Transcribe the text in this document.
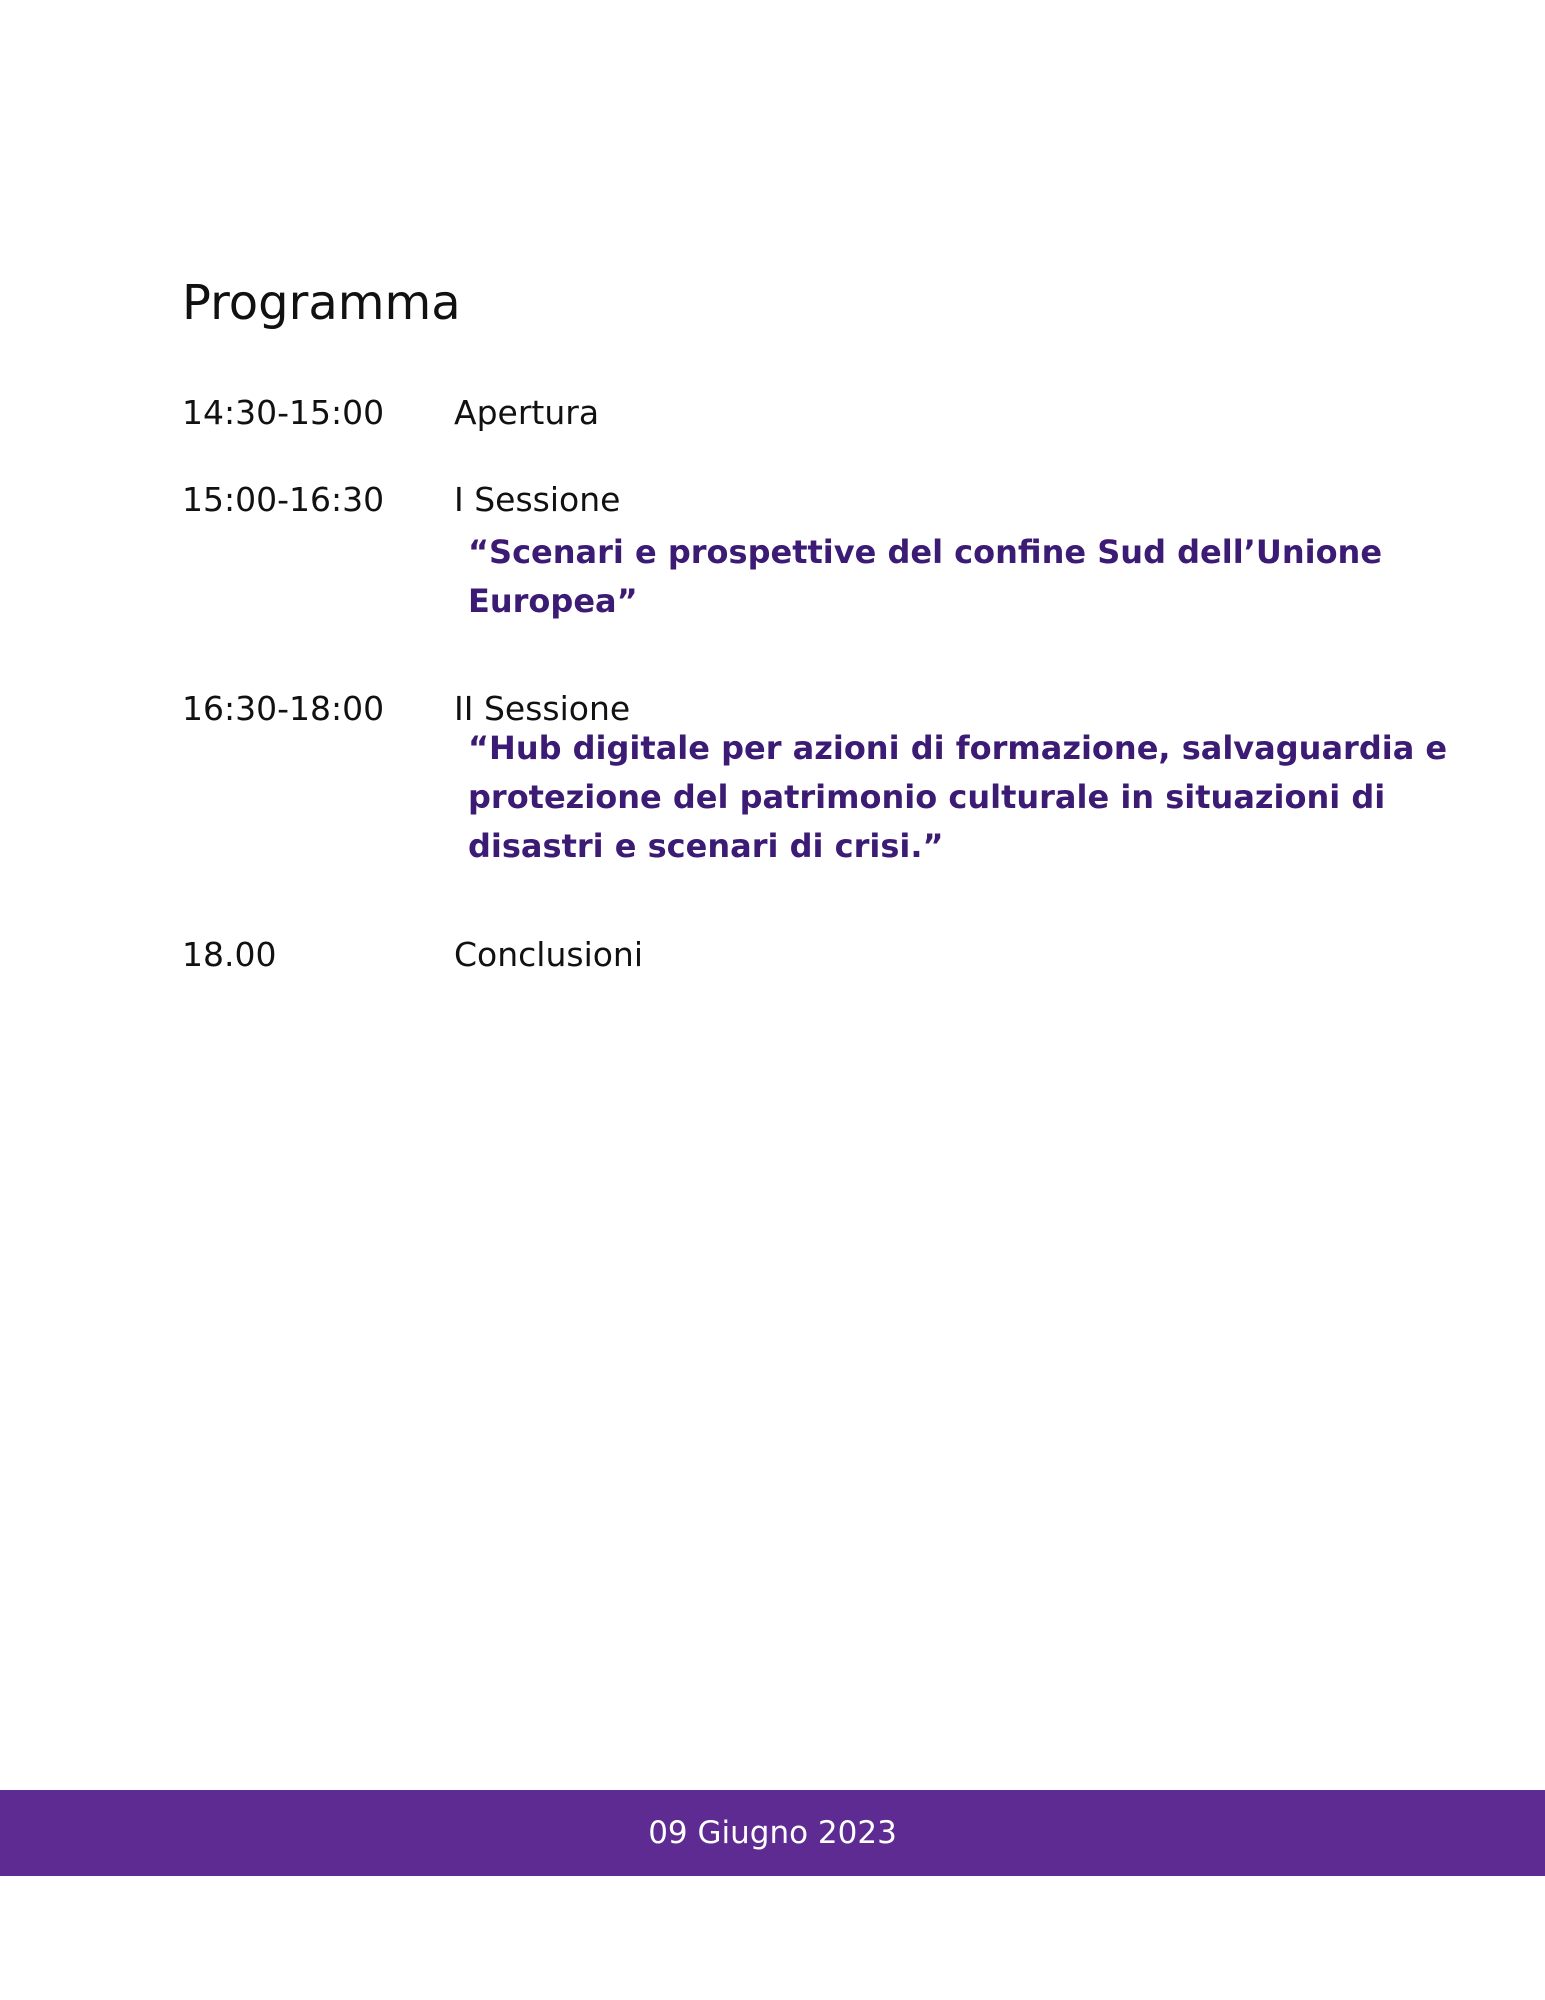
Programma
14:30-15:00 Apertura
15:00-16:30 I Sessione
“Scenari e prospettive del confine Sud dell’Unione Europea”
16:30-18:00 II Sessione
“Hub digitale per azioni di formazione, salvaguardia e protezione del patrimonio culturale in situazioni di disastri e scenari di crisi.”
18.00	Conclusioni
09 Giugno 2023
